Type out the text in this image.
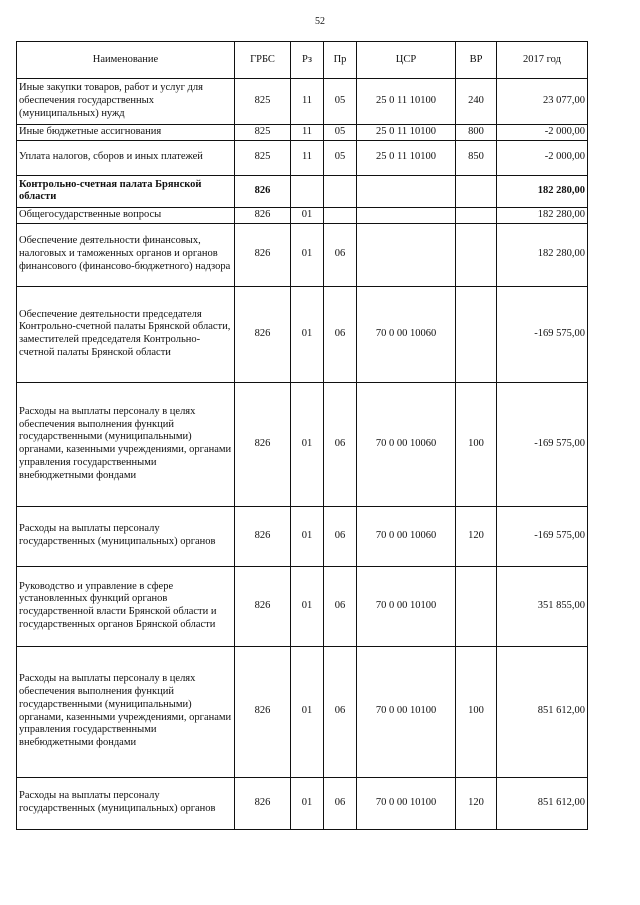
52
Наименование	ГРБС	Рз	Пр	ЦСР	ВР	2017 год
Иные закупки товаров, работ и услуг для обеспечения государственных (муниципальных) нужд	825	11	05	25 0 11 10100	240	23 077,00
Иные бюджетные ассигнования	825	11	05	25 0 11 10100	800	-2 000,00
Уплата налогов, сборов и иных платежей	825	11	05	25 0 11 10100	850	-2 000,00
Контрольно-счетная палата Брянской области	826					182 280,00
Общегосударственные вопросы	826	01				182 280,00
Обеспечение деятельности финансовых, налоговых и таможенных органов и органов финансового (финансово-бюджетного) надзора	826	01	06			182 280,00
Обеспечение деятельности председателя Контрольно-счетной палаты Брянской области, заместителей председателя Контрольно-счетной палаты Брянской области	826	01	06	70 0 00 10060		-169 575,00
Расходы на выплаты персоналу в целях обеспечения выполнения функций государственными (муниципальными) органами, казенными учреждениями, органами управления государственными внебюджетными фондами	826	01	06	70 0 00 10060	100	-169 575,00
Расходы на выплаты персоналу государственных (муниципальных) органов	826	01	06	70 0 00 10060	120	-169 575,00
Руководство и управление в сфере установленных функций органов государственной власти Брянской области и государственных органов Брянской области	826	01	06	70 0 00 10100		351 855,00
Расходы на выплаты персоналу в целях обеспечения выполнения функций государственными (муниципальными) органами, казенными учреждениями, органами управления государственными внебюджетными фондами	826	01	06	70 0 00 10100	100	851 612,00
Расходы на выплаты персоналу государственных (муниципальных) органов	826	01	06	70 0 00 10100	120	851 612,00
